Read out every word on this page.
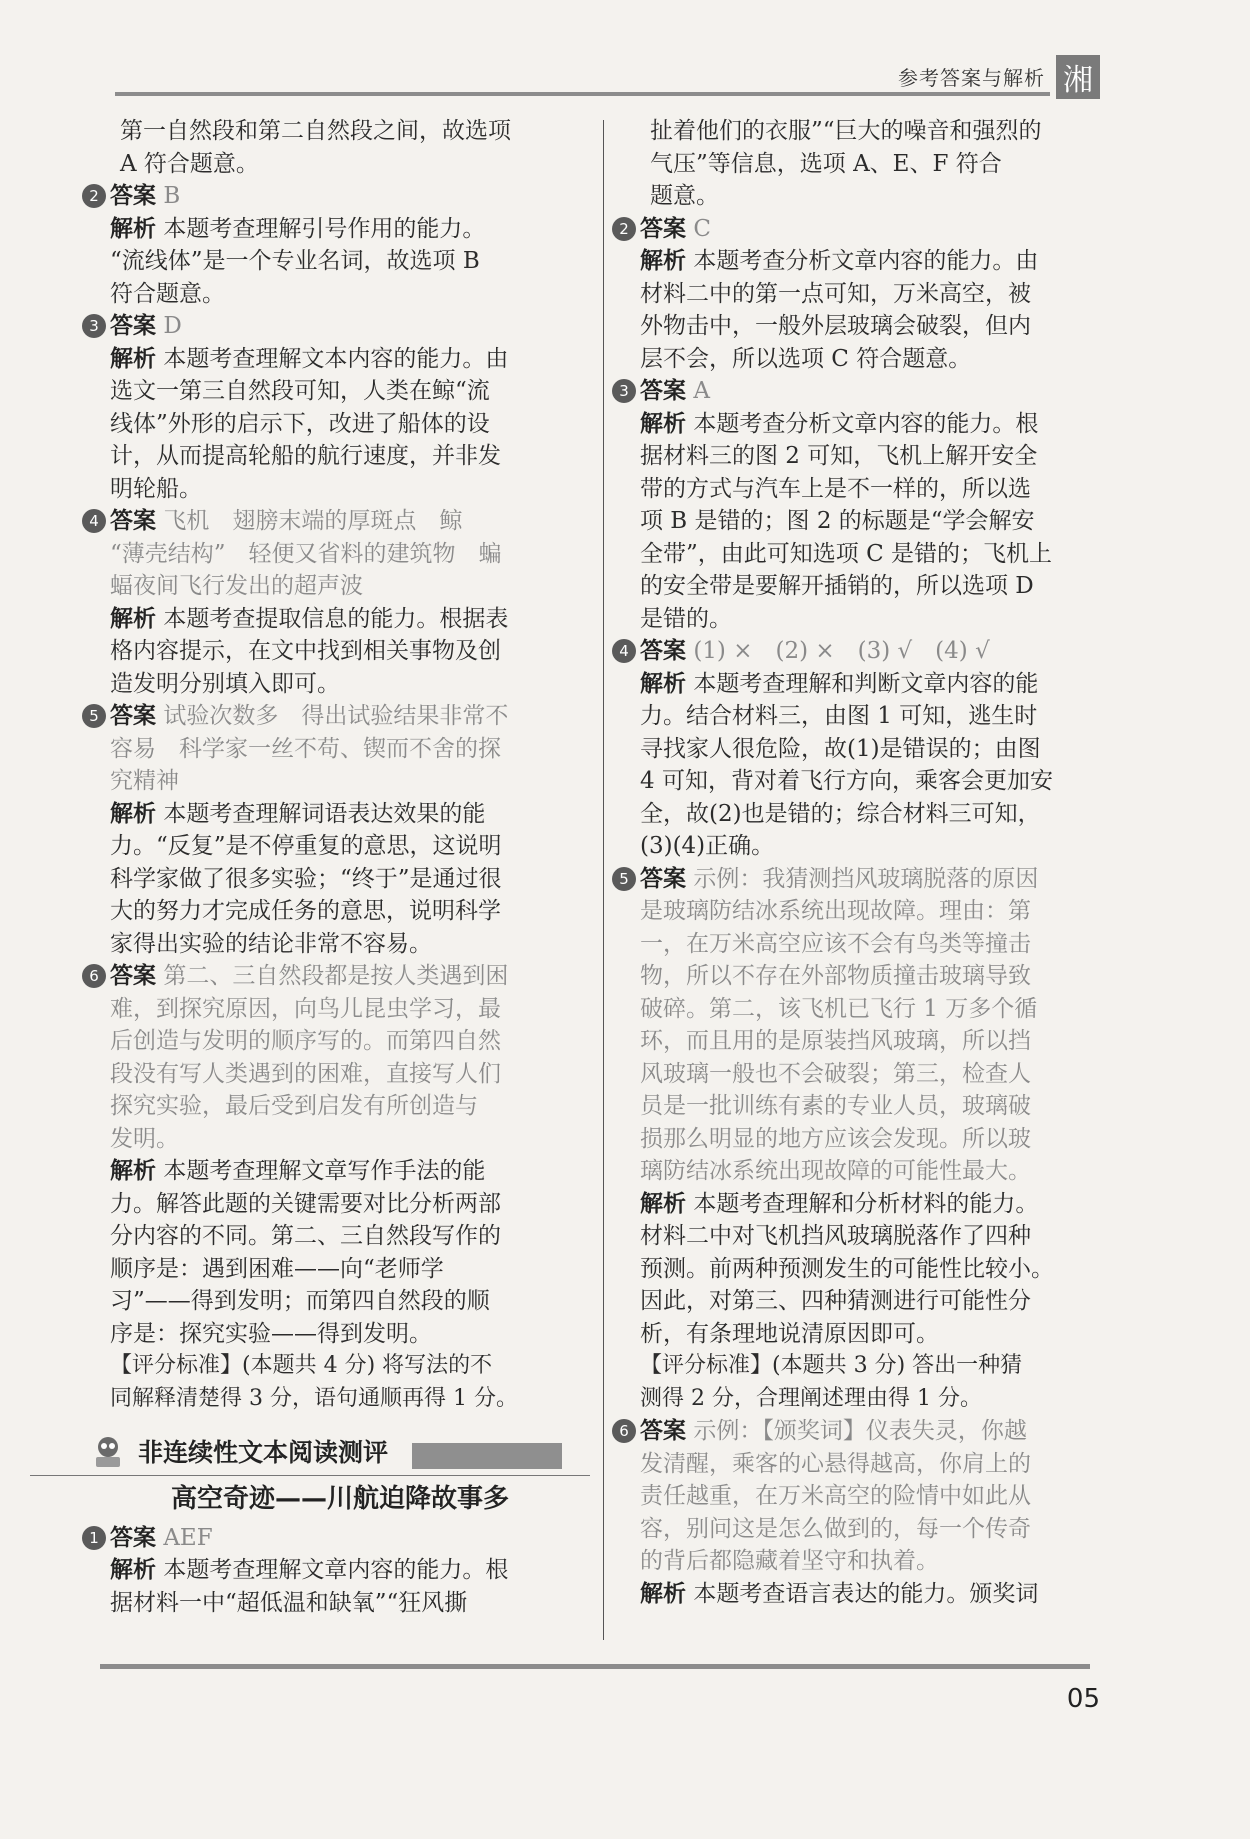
参考答案与解析 湘
第一自然段和第二自然段之间，故选项
A 符合题意。
2 答案 B
解析 本题考查理解引号作用的能力。
“流线体”是一个专业名词，故选项 B
符合题意。
3 答案 D
解析 本题考查理解文本内容的能力。由
选文一第三自然段可知，人类在鲸“流
线体”外形的启示下，改进了船体的设
计，从而提高轮船的航行速度，并非发
明轮船。
4 答案 飞机　翅膀末端的厚斑点　鲸
“薄壳结构”　轻便又省料的建筑物　蝙
蝠夜间飞行发出的超声波
解析 本题考查提取信息的能力。根据表
格内容提示，在文中找到相关事物及创
造发明分别填入即可。
5 答案 试验次数多　得出试验结果非常不
容易　科学家一丝不苟、锲而不舍的探
究精神
解析 本题考查理解词语表达效果的能
力。“反复”是不停重复的意思，这说明
科学家做了很多实验；“终于”是通过很
大的努力才完成任务的意思，说明科学
家得出实验的结论非常不容易。
6 答案 第二、三自然段都是按人类遇到困
难，到探究原因，向鸟儿昆虫学习，最
后创造与发明的顺序写的。而第四自然
段没有写人类遇到的困难，直接写人们
探究实验，最后受到启发有所创造与
发明。
解析 本题考查理解文章写作手法的能
力。解答此题的关键需要对比分析两部
分内容的不同。第二、三自然段写作的
顺序是：遇到困难——向“老师学
习”——得到发明；而第四自然段的顺
序是：探究实验——得到发明。
【评分标准】(本题共 4 分) 将写法的不
同解释清楚得 3 分，语句通顺再得 1 分。
非连续性文本阅读测评
高空奇迹——川航迫降故事多
1 答案 AEF
解析 本题考查理解文章内容的能力。根
据材料一中“超低温和缺氧”“狂风撕
扯着他们的衣服”“巨大的噪音和强烈的
气压”等信息，选项 A、E、F 符合
题意。
2 答案 C
解析 本题考查分析文章内容的能力。由
材料二中的第一点可知，万米高空，被
外物击中，一般外层玻璃会破裂，但内
层不会，所以选项 C 符合题意。
3 答案 A
解析 本题考查分析文章内容的能力。根
据材料三的图 2 可知，飞机上解开安全
带的方式与汽车上是不一样的，所以选
项 B 是错的；图 2 的标题是“学会解安
全带”，由此可知选项 C 是错的；飞机上
的安全带是要解开插销的，所以选项 D
是错的。
4 答案 (1) ×　(2) ×　(3) √　(4) √
解析 本题考查理解和判断文章内容的能
力。结合材料三，由图 1 可知，逃生时
寻找家人很危险，故(1)是错误的；由图
4 可知，背对着飞行方向，乘客会更加安
全，故(2)也是错的；综合材料三可知，
(3)(4)正确。
5 答案 示例：我猜测挡风玻璃脱落的原因
是玻璃防结冰系统出现故障。理由：第
一，在万米高空应该不会有鸟类等撞击
物，所以不存在外部物质撞击玻璃导致
破碎。第二，该飞机已飞行 1 万多个循
环，而且用的是原装挡风玻璃，所以挡
风玻璃一般也不会破裂；第三，检查人
员是一批训练有素的专业人员，玻璃破
损那么明显的地方应该会发现。所以玻
璃防结冰系统出现故障的可能性最大。
解析 本题考查理解和分析材料的能力。
材料二中对飞机挡风玻璃脱落作了四种
预测。前两种预测发生的可能性比较小。
因此，对第三、四种猜测进行可能性分
析，有条理地说清原因即可。
【评分标准】(本题共 3 分) 答出一种猜
测得 2 分，合理阐述理由得 1 分。
6 答案 示例：【颁奖词】仪表失灵，你越
发清醒，乘客的心悬得越高，你肩上的
责任越重，在万米高空的险情中如此从
容，别问这是怎么做到的，每一个传奇
的背后都隐藏着坚守和执着。
解析 本题考查语言表达的能力。颁奖词
05
